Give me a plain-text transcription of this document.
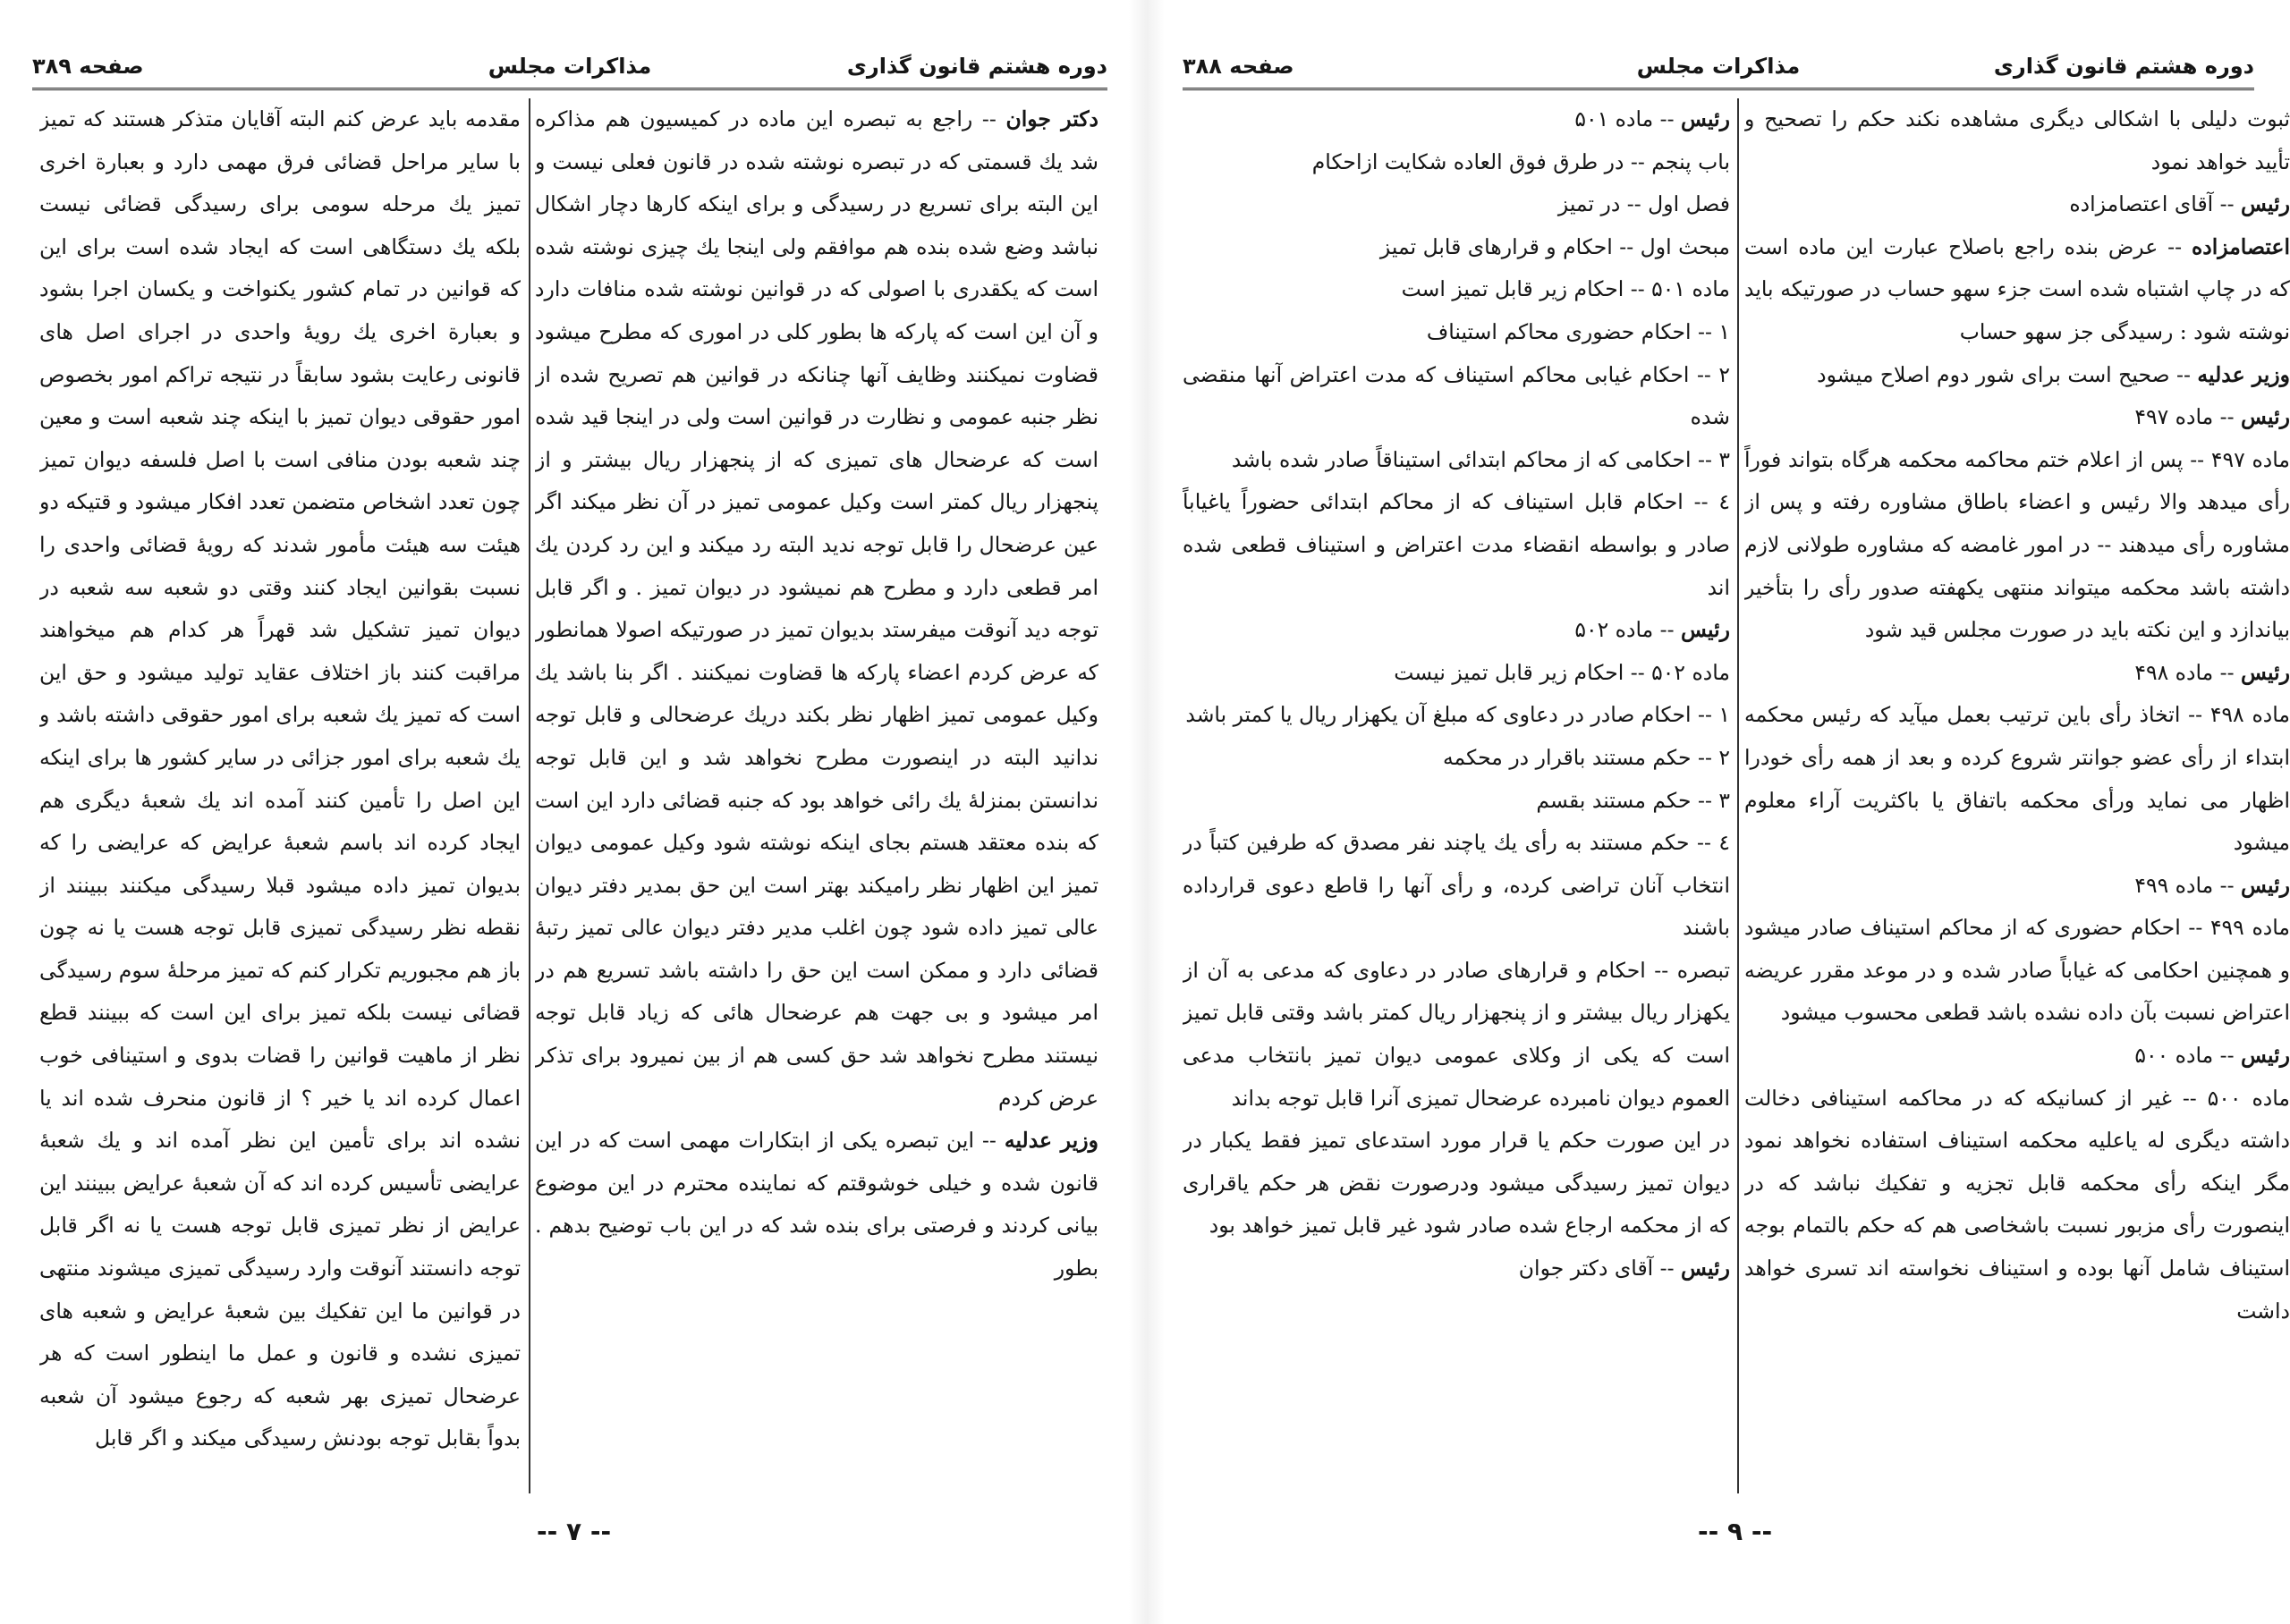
دوره هشتم قانون گذاری
مذاکرات مجلس
صفحه ۳۸۹

دکتر جوان -- راجع به تبصره این ماده در کمیسیون هم مذاکره شد یك قسمتی که در تبصره نوشته شده در قانون فعلی نیست و این البته برای تسریع در رسیدگی و برای اینکه کارها دچار اشکال نباشد وضع شده بنده هم موافقم ولی اینجا یك چیزی نوشته شده است که یکقدری با اصولی که در قوانین نوشته شده منافات دارد و آن این است که پارکه ها بطور کلی در اموری که مطرح میشود قضاوت نمیکنند وظایف آنها چنانکه در قوانین هم تصریح شده از نظر جنبه عمومی و نظارت در قوانین است ولی در اینجا قید شده است که عرضحال های تمیزی که از پنجهزار ریال بیشتر و از پنجهزار ریال کمتر است وکیل عمومی تمیز در آن نظر میکند اگر عین عرضحال را قابل توجه ندید البته رد میکند و این رد کردن یك امر قطعی دارد و مطرح هم نمیشود در دیوان تمیز . و اگر قابل توجه دید آنوقت میفرستد بدیوان تمیز در صورتیکه اصولا همانطور که عرض کردم اعضاء پارکه ها قضاوت نمیکنند . اگر بنا باشد یك وکیل عمومی تمیز اظهار نظر بکند دریك عرضحالی و قابل توجه ندانید البته در اینصورت مطرح نخواهد شد و این قابل توجه ندانستن بمنزلهٔ یك رائی خواهد بود که جنبه قضائی دارد این است که بنده معتقد هستم بجای اینکه نوشته شود وکیل عمومی دیوان تمیز این اظهار نظر رامیکند بهتر است این حق بمدیر دفتر دیوان عالی تمیز داده شود چون اغلب مدیر دفتر دیوان عالی تمیز رتبهٔ قضائی دارد و ممکن است این حق را داشته باشد تسریع هم در امر میشود و بی جهت هم عرضحال هائی که زیاد قابل توجه نیستند مطرح نخواهد شد حق کسی هم از بین نمیرود برای تذکر عرض کردم

وزیر عدلیه -- این تبصره یکی از ابتکارات مهمی است که در این قانون شده و خیلی خوشوقتم که نماینده محترم در این موضوع بیانی کردند و فرصتی برای بنده شد که در این باب توضیح بدهم . بطور

مقدمه باید عرض کنم البته آقایان متذکر هستند که تمیز با سایر مراحل قضائی فرق مهمی دارد و بعبارة اخری تمیز یك مرحله سومی برای رسیدگی قضائی نیست بلکه یك دستگاهی است که ایجاد شده است برای این که قوانین در تمام کشور یکنواخت و یکسان اجرا بشود و بعبارة اخری یك رویهٔ واحدی در اجرای اصل های قانونی رعایت بشود سابقاً در نتیجه تراکم امور بخصوص امور حقوقی دیوان تمیز با اینکه چند شعبه است و معین چند شعبه بودن منافی است با اصل فلسفه دیوان تمیز چون تعدد اشخاص متضمن تعدد افکار میشود و قتیکه دو هیئت سه هیئت مأمور شدند که رویهٔ قضائی واحدی را نسبت بقوانین ایجاد کنند وقتی دو شعبه سه شعبه در دیوان تمیز تشکیل شد قهراً هر کدام هم میخواهند مراقبت کنند باز اختلاف عقاید تولید میشود و حق این است که تمیز یك شعبه برای امور حقوقی داشته باشد و یك شعبه برای امور جزائی در سایر کشور ها برای اینکه این اصل را تأمین کنند آمده اند یك شعبهٔ دیگری هم ایجاد کرده اند باسم شعبهٔ عرایض که عرایضی را که بدیوان تمیز داده میشود قبلا رسیدگی میکنند ببینند از نقطه نظر رسیدگی تمیزی قابل توجه هست یا نه چون باز هم مجبوریم تکرار کنم که تمیز مرحلهٔ سوم رسیدگی قضائی نیست بلکه تمیز برای این است که ببینند قطع نظر از ماهیت قوانین را قضات بدوی و استینافی خوب اعمال کرده اند یا خیر ؟ از قانون منحرف شده اند یا نشده اند برای تأمین این نظر آمده اند و یك شعبهٔ عرایضی تأسیس کرده اند که آن شعبهٔ عرایض ببینند این عرایض از نظر تمیزی قابل توجه هست یا نه اگر قابل توجه دانستند آنوقت وارد رسیدگی تمیزی میشوند منتهی در قوانین ما این تفکیك بین شعبهٔ عرایض و شعبه های تمیزی نشده و قانون و عمل ما اینطور است که هر عرضحال تمیزی بهر شعبه که رجوع میشود آن شعبه بدواً بقابل توجه بودنش رسیدگی میکند و اگر قابل

-- ۷ --
دوره هشتم قانون گذاری
مذاکرات مجلس
صفحه ۳۸۸

ثبوت دلیلی با اشکالی دیگری مشاهده نکند حکم را تصحیح و تأیید خواهد نمود

رئیس -- آقای اعتصامزاده

اعتصامزاده -- عرض بنده راجع باصلاح عبارت این ماده است که در چاپ اشتباه شده است جزء سهو حساب در صورتیکه باید نوشته شود : رسیدگی جز سهو حساب

وزیر عدلیه -- صحیح است برای شور دوم اصلاح میشود

رئیس -- ماده ۴۹۷

ماده ۴۹۷ -- پس از اعلام ختم محاکمه محکمه هرگاه بتواند فوراً رأی میدهد والا رئیس و اعضاء باطاق مشاوره رفته و پس از مشاوره رأی میدهند -- در امور غامضه که مشاوره طولانی لازم داشته باشد محکمه میتواند منتهی یکهفته صدور رأی را بتأخیر بیاندازد و این نکته باید در صورت مجلس قید شود

رئیس -- ماده ۴۹۸

ماده ۴۹۸ -- اتخاذ رأی باین ترتیب بعمل میآید که رئیس محکمه ابتداء از رأی عضو جوانتر شروع کرده و بعد از همه رأی خودرا اظهار می نماید ورأی محکمه باتفاق یا باکثریت آراء معلوم میشود

رئیس -- ماده ۴۹۹

ماده ۴۹۹ -- احکام حضوری که از محاکم استیناف صادر میشود و همچنین احکامی که غیاباً صادر شده و در موعد مقرر عریضه اعتراض نسبت بآن داده نشده باشد قطعی محسوب میشود

رئیس -- ماده ۵۰۰

ماده ۵۰۰ -- غیر از کسانیکه که در محاکمه استینافی دخالت داشته دیگری له یاعلیه محکمه استیناف استفاده نخواهد نمود مگر اینکه رأی محکمه قابل تجزیه و تفکیك نباشد که در اینصورت رأی مزبور نسبت باشخاصی هم که حکم بالتمام بوجه استیناف شامل آنها بوده و استیناف نخواسته اند تسری خواهد داشت

رئیس -- ماده ۵۰۱

باب پنجم -- در طرق فوق العاده شکایت ازاحکام

فصل اول -- در تمیز

مبحث اول -- احکام و قرارهای قابل تمیز

ماده ۵۰۱ -- احکام زیر قابل تمیز است

۱ -- احکام حضوری محاکم استیناف

۲ -- احکام غیابی محاکم استیناف که مدت اعتراض آنها منقضی شده

۳ -- احکامی که از محاکم ابتدائی استیناقاً صادر شده باشد

٤ -- احکام قابل استیناف که از محاکم ابتدائی حضوراً یاغیاباً صادر و بواسطه انقضاء مدت اعتراض و استیناف قطعی شده اند

رئیس -- ماده ۵۰۲

ماده ۵۰۲ -- احکام زیر قابل تمیز نیست

۱ -- احکام صادر در دعاوی که مبلغ آن یکهزار ریال یا کمتر باشد

۲ -- حکم مستند باقرار در محکمه

۳ -- حکم مستند بقسم

٤ -- حکم مستند به رأی یك یاچند نفر مصدق که طرفین کتباً در انتخاب آنان تراضی کرده، و رأی آنها را قاطع دعوی قرارداده باشند

تبصره -- احکام و قرارهای صادر در دعاوی که مدعی به آن از یکهزار ریال بیشتر و از پنجهزار ریال کمتر باشد وقتی قابل تمیز است که یکی از وکلای عمومی دیوان تمیز بانتخاب مدعی العموم دیوان نامبرده عرضحال تمیزی آنرا قابل توجه بداند

در این صورت حکم یا قرار مورد استدعای تمیز فقط یکبار در دیوان تمیز رسیدگی میشود ودرصورت نقض هر حکم یاقراری که از محکمه ارجاع شده صادر شود غیر قابل تمیز خواهد بود

رئیس -- آقای دکتر جوان

-- ۹ --
